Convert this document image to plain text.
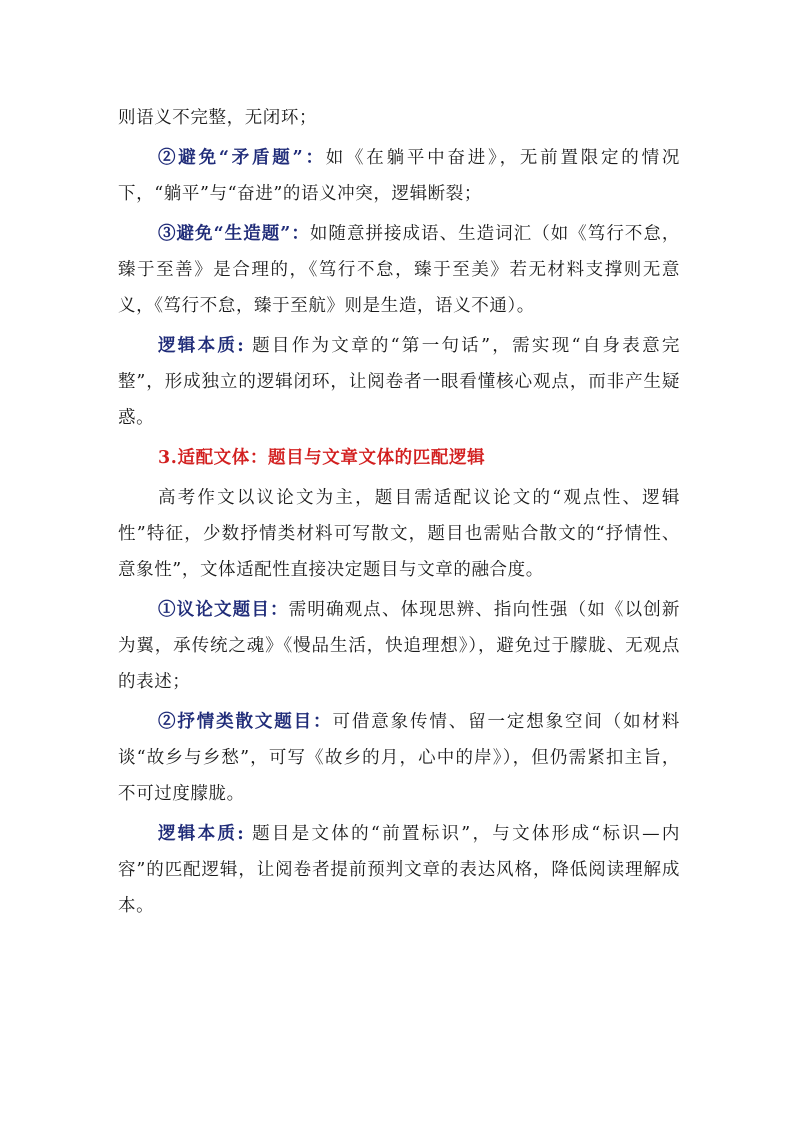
则语义不完整，无闭环；

②避免“矛盾题”：如《在躺平中奋进》，无前置限定的情况下，“躺平”与“奋进”的语义冲突，逻辑断裂；

③避免“生造题”：如随意拼接成语、生造词汇（如《笃行不怠，臻于至善》是合理的，《笃行不怠，臻于至美》若无材料支撑则无意义，《笃行不怠，臻于至航》则是生造，语义不通）。

逻辑本质: 题目作为文章的“第一句话”，需实现“自身表意完整”，形成独立的逻辑闭环，让阅卷者一眼看懂核心观点，而非产生疑惑。

3.适配文体：题目与文章文体的匹配逻辑

高考作文以议论文为主，题目需适配议论文的“观点性、逻辑性”特征，少数抒情类材料可写散文，题目也需贴合散文的“抒情性、意象性”，文体适配性直接决定题目与文章的融合度。

①议论文题目：需明确观点、体现思辨、指向性强（如《以创新为翼，承传统之魂》《慢品生活，快追理想》），避免过于朦胧、无观点的表述；

②抒情类散文题目：可借意象传情、留一定想象空间（如材料谈“故乡与乡愁”，可写《故乡的月，心中的岸》），但仍需紧扣主旨，不可过度朦胧。

逻辑本质: 题目是文体的“前置标识”，与文体形成“标识—内容”的匹配逻辑，让阅卷者提前预判文章的表达风格，降低阅读理解成本。
